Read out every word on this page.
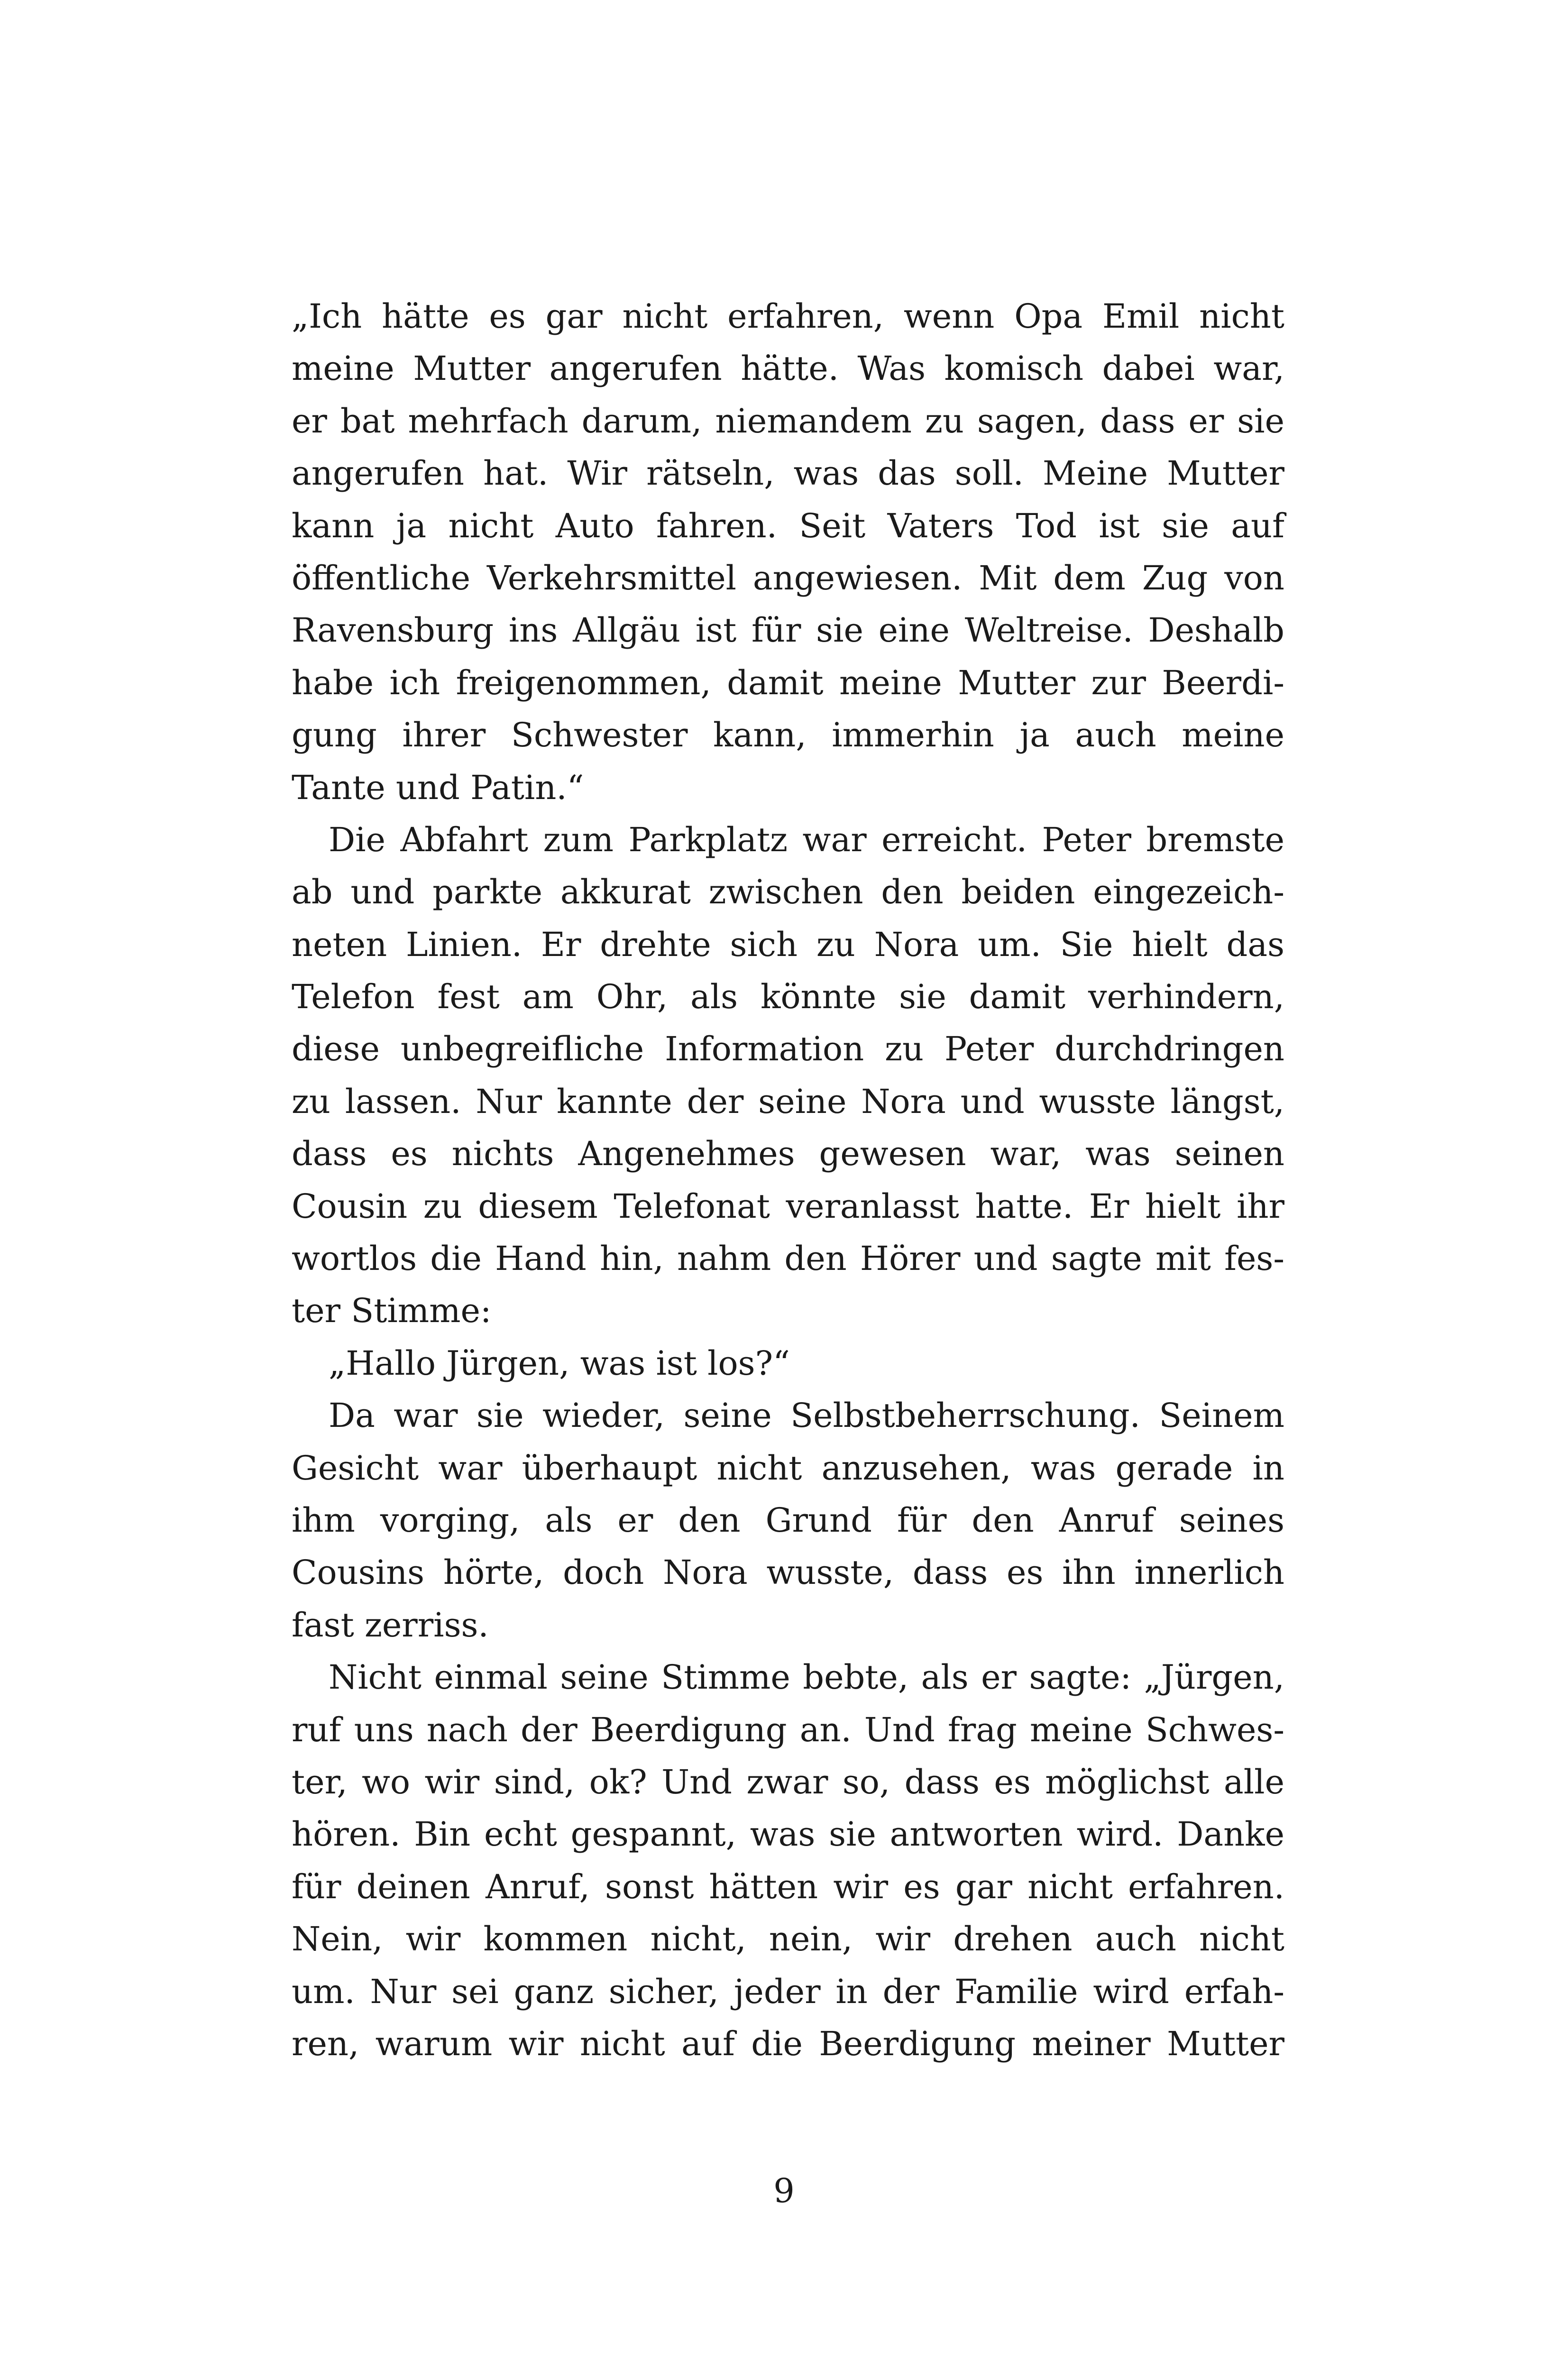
„Ich hätte es gar nicht erfahren, wenn Opa Emil nicht
meine Mutter angerufen hätte. Was komisch dabei war,
er bat mehrfach darum, niemandem zu sagen, dass er sie
angerufen hat. Wir rätseln, was das soll. Meine Mutter
kann ja nicht Auto fahren. Seit Vaters Tod ist sie auf
öffentliche Verkehrsmittel angewiesen. Mit dem Zug von
Ravensburg ins Allgäu ist für sie eine Weltreise. Deshalb
habe ich freigenommen, damit meine Mutter zur Beerdi-
gung ihrer Schwester kann, immerhin ja auch meine
Tante und Patin.“
Die Abfahrt zum Parkplatz war erreicht. Peter bremste
ab und parkte akkurat zwischen den beiden eingezeich-
neten Linien. Er drehte sich zu Nora um. Sie hielt das
Telefon fest am Ohr, als könnte sie damit verhindern,
diese unbegreifliche Information zu Peter durchdringen
zu lassen. Nur kannte der seine Nora und wusste längst,
dass es nichts Angenehmes gewesen war, was seinen
Cousin zu diesem Telefonat veranlasst hatte. Er hielt ihr
wortlos die Hand hin, nahm den Hörer und sagte mit fes-
ter Stimme:
„Hallo Jürgen, was ist los?“
Da war sie wieder, seine Selbstbeherrschung. Seinem
Gesicht war überhaupt nicht anzusehen, was gerade in
ihm vorging, als er den Grund für den Anruf seines
Cousins hörte, doch Nora wusste, dass es ihn innerlich
fast zerriss.
Nicht einmal seine Stimme bebte, als er sagte: „Jürgen,
ruf uns nach der Beerdigung an. Und frag meine Schwes-
ter, wo wir sind, ok? Und zwar so, dass es möglichst alle
hören. Bin echt gespannt, was sie antworten wird. Danke
für deinen Anruf, sonst hätten wir es gar nicht erfahren.
Nein, wir kommen nicht, nein, wir drehen auch nicht
um. Nur sei ganz sicher, jeder in der Familie wird erfah-
ren, warum wir nicht auf die Beerdigung meiner Mutter
9
